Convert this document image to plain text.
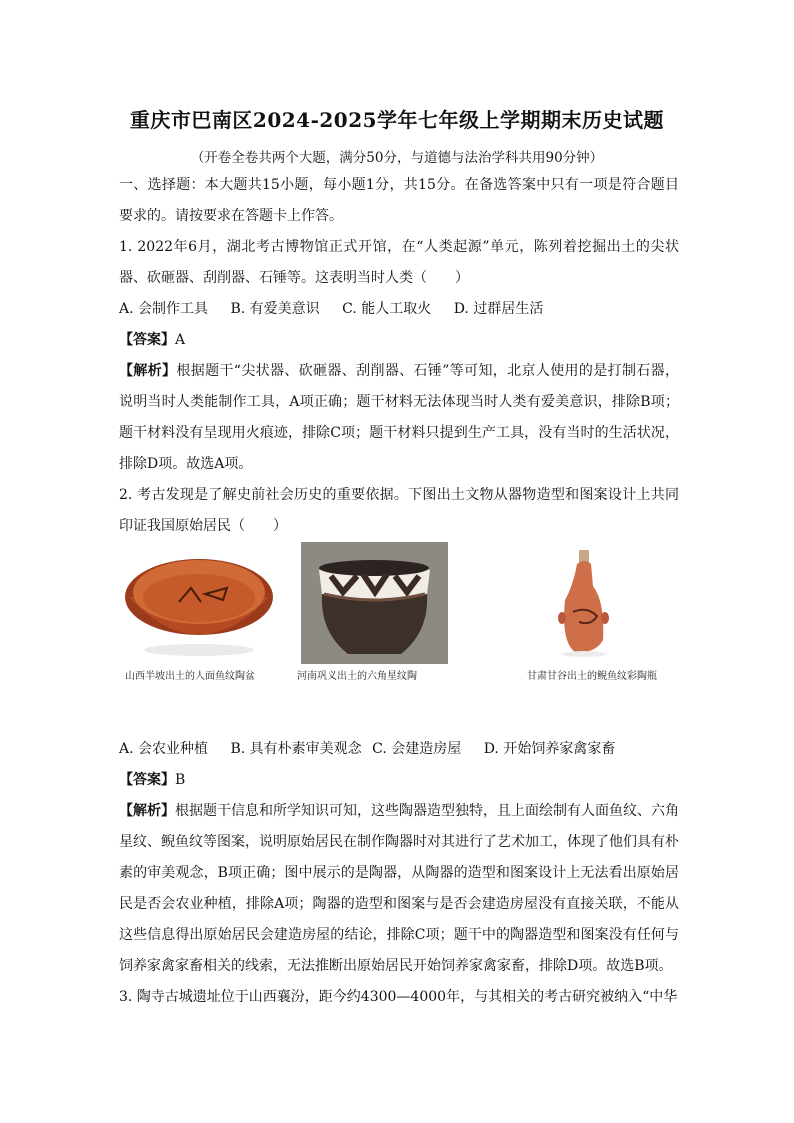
重庆市巴南区2024-2025学年七年级上学期期末历史试题
（开卷全卷共两个大题，满分50分，与道德与法治学科共用90分钟）

一、选择题：本大题共15小题，每小题1分，共15分。在备选答案中只有一项是符合题目要求的。请按要求在答题卡上作答。

1. 2022年6月，湖北考古博物馆正式开馆，在“人类起源”单元，陈列着挖掘出土的尖状器、砍砸器、刮削器、石锤等。这表明当时人类（　　）

A. 会制作工具 B. 有爱美意识 C. 能人工取火 D. 过群居生活

【答案】A

【解析】根据题干“尖状器、砍砸器、刮削器、石锤”等可知，北京人使用的是打制石器，说明当时人类能制作工具，A项正确；题干材料无法体现当时人类有爱美意识，排除B项；题干材料没有呈现用火痕迹，排除C项；题干材料只提到生产工具，没有当时的生活状况，排除D项。故选A项。

2. 考古发现是了解史前社会历史的重要依据。下图出土文物从器物造型和图案设计上共同印证我国原始居民（　　）

山西半坡出土的人面鱼纹陶盆	河南巩义出土的六角星纹陶	甘肃甘谷出土的鲵鱼纹彩陶瓶

A. 会农业种植 B. 具有朴素审美观念 C. 会建造房屋 D. 开始饲养家禽家畜

【答案】B

【解析】根据题干信息和所学知识可知，这些陶器造型独特，且上面绘制有人面鱼纹、六角星纹、鲵鱼纹等图案，说明原始居民在制作陶器时对其进行了艺术加工，体现了他们具有朴素的审美观念，B项正确；图中展示的是陶器，从陶器的造型和图案设计上无法看出原始居民是否会农业种植，排除A项；陶器的造型和图案与是否会建造房屋没有直接关联，不能从这些信息得出原始居民会建造房屋的结论，排除C项；题干中的陶器造型和图案没有任何与饲养家禽家畜相关的线索，无法推断出原始居民开始饲养家禽家畜，排除D项。故选B项。

3. 陶寺古城遗址位于山西襄汾，距今约4300—4000年，与其相关的考古研究被纳入“中华
